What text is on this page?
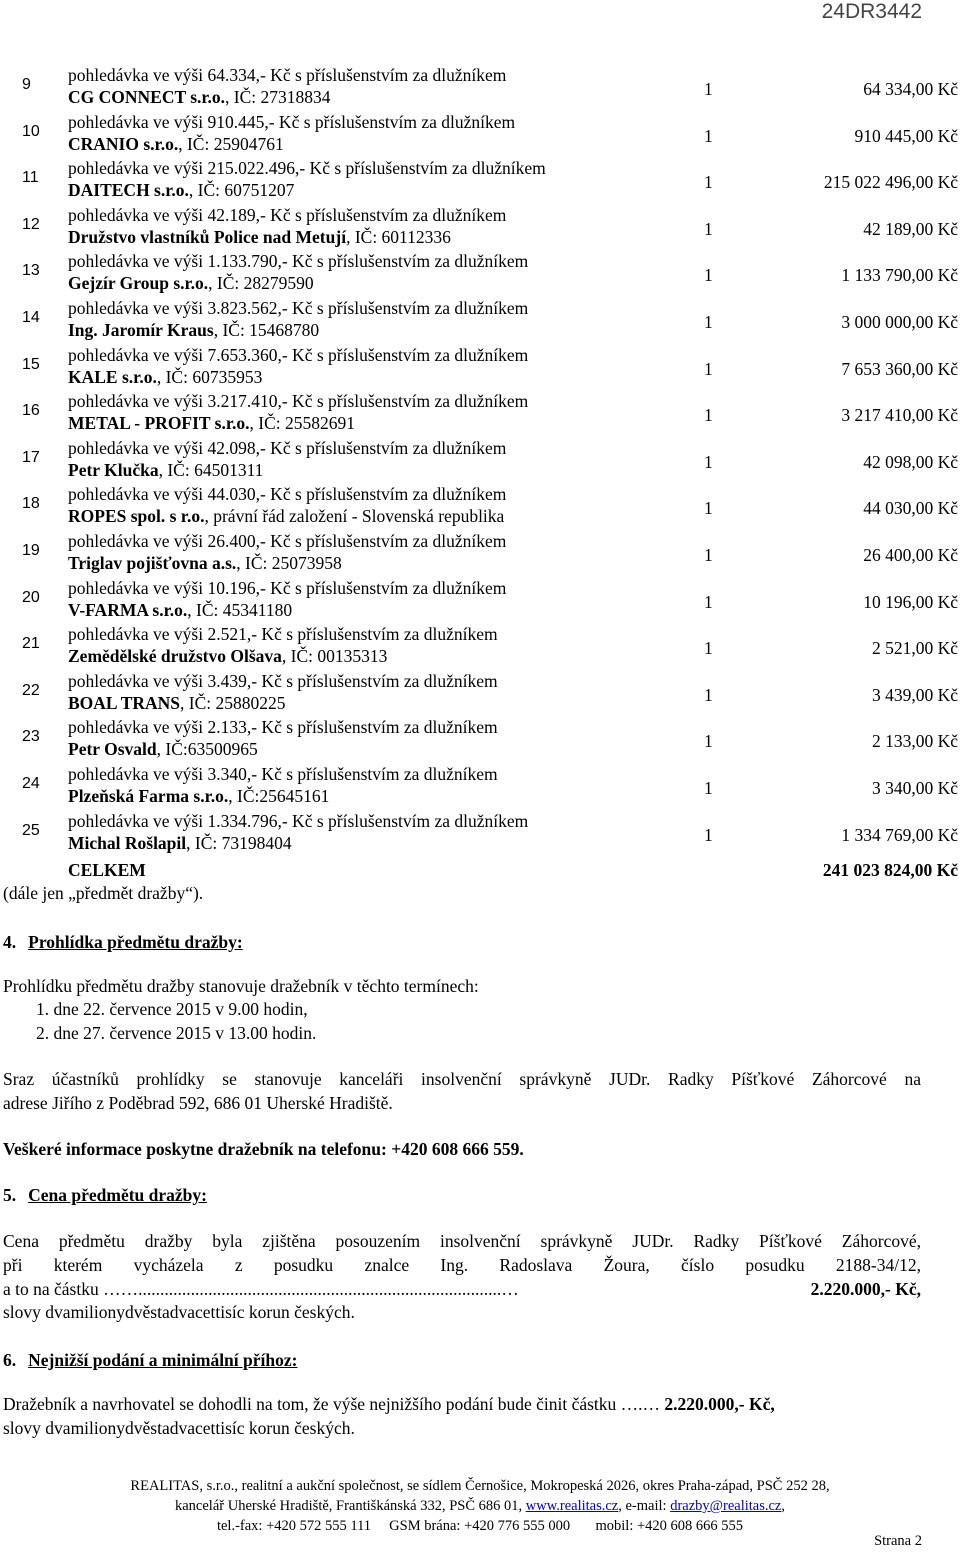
24DR3442
9 pohledávka ve výši 64.334,- Kč s příslušenstvím za dlužníkem
CG CONNECT s.r.o., IČ: 27318834	1	64 334,00 Kč
10 pohledávka ve výši 910.445,- Kč s příslušenstvím za dlužníkem
CRANIO s.r.o., IČ: 25904761	1	910 445,00 Kč
11 pohledávka ve výši 215.022.496,- Kč s příslušenstvím za dlužníkem
DAITECH s.r.o., IČ: 60751207	1	215 022 496,00 Kč
12 pohledávka ve výši 42.189,- Kč s příslušenstvím za dlužníkem
Družstvo vlastníků Police nad Metují, IČ: 60112336	1	42 189,00 Kč
13 pohledávka ve výši 1.133.790,- Kč s příslušenstvím za dlužníkem
Gejzír Group s.r.o., IČ: 28279590	1	1 133 790,00 Kč
14 pohledávka ve výši 3.823.562,- Kč s příslušenstvím za dlužníkem
Ing. Jaromír Kraus, IČ: 15468780	1	3 000 000,00 Kč
15 pohledávka ve výši 7.653.360,- Kč s příslušenstvím za dlužníkem
KALE s.r.o., IČ: 60735953	1	7 653 360,00 Kč
16 pohledávka ve výši 3.217.410,- Kč s příslušenstvím za dlužníkem
METAL - PROFIT s.r.o., IČ: 25582691	1	3 217 410,00 Kč
17 pohledávka ve výši 42.098,- Kč s příslušenstvím za dlužníkem
Petr Klučka, IČ: 64501311	1	42 098,00 Kč
18 pohledávka ve výši 44.030,- Kč s příslušenstvím za dlužníkem
ROPES spol. s r.o., právní řád založení - Slovenská republika	1	44 030,00 Kč
19 pohledávka ve výši 26.400,- Kč s příslušenstvím za dlužníkem
Triglav pojišťovna a.s., IČ: 25073958	1	26 400,00 Kč
20 pohledávka ve výši 10.196,- Kč s příslušenstvím za dlužníkem
V-FARMA s.r.o., IČ: 45341180	1	10 196,00 Kč
21 pohledávka ve výši 2.521,- Kč s příslušenstvím za dlužníkem
Zemědělské družstvo Olšava, IČ: 00135313	1	2 521,00 Kč
22 pohledávka ve výši 3.439,- Kč s příslušenstvím za dlužníkem
BOAL TRANS, IČ: 25880225	1	3 439,00 Kč
23 pohledávka ve výši 2.133,- Kč s příslušenstvím za dlužníkem
Petr Osvald, IČ:63500965	1	2 133,00 Kč
24 pohledávka ve výši 3.340,- Kč s příslušenstvím za dlužníkem
Plzeňská Farma s.r.o., IČ:25645161	1	3 340,00 Kč
25 pohledávka ve výši 1.334.796,- Kč s příslušenstvím za dlužníkem
Michal Rošlapil, IČ: 73198404	1	1 334 769,00 Kč
CELKEM	241 023 824,00 Kč
(dále jen „předmět dražby“).
4. Prohlídka předmětu dražby:
Prohlídku předmětu dražby stanovuje dražebník v těchto termínech:
1. dne 22. července 2015 v 9.00 hodin,
2. dne 27. července 2015 v 13.00 hodin.
Sraz účastníků prohlídky se stanovuje kanceláři insolvenční správkyně JUDr. Radky Píšťkové Záhorcové na
adrese Jiřího z Poděbrad 592, 686 01 Uherské Hradiště.
Veškeré informace poskytne dražebník na telefonu: +420 608 666 559.
5. Cena předmětu dražby:
Cena předmětu dražby byla zjištěna posouzením insolvenční správkyně JUDr. Radky Píšťkové Záhorcové,
při kterém vycházela z posudku znalce Ing. Radoslava Žoura, číslo posudku 2188-34/12,
a to na částku ……...................................................................................…	2.220.000,- Kč,
slovy dvamilionydvěstadvacettisíc korun českých.
6. Nejnižší podání a minimální příhoz:
Dražebník a navrhovatel se dohodli na tom, že výše nejnižšího podání bude činit částku ….… 2.220.000,- Kč,
slovy dvamilionydvěstadvacettisíc korun českých.
REALITAS, s.r.o., realitní a aukční společnost, se sídlem Černošice, Mokropeská 2026, okres Praha-západ, PSČ 252 28,
kancelář Uherské Hradiště, Františkánská 332, PSČ 686 01, www.realitas.cz, e-mail: drazby@realitas.cz,
tel.-fax: +420 572 555 111     GSM brána: +420 776 555 000       mobil: +420 608 666 555
Strana 2
